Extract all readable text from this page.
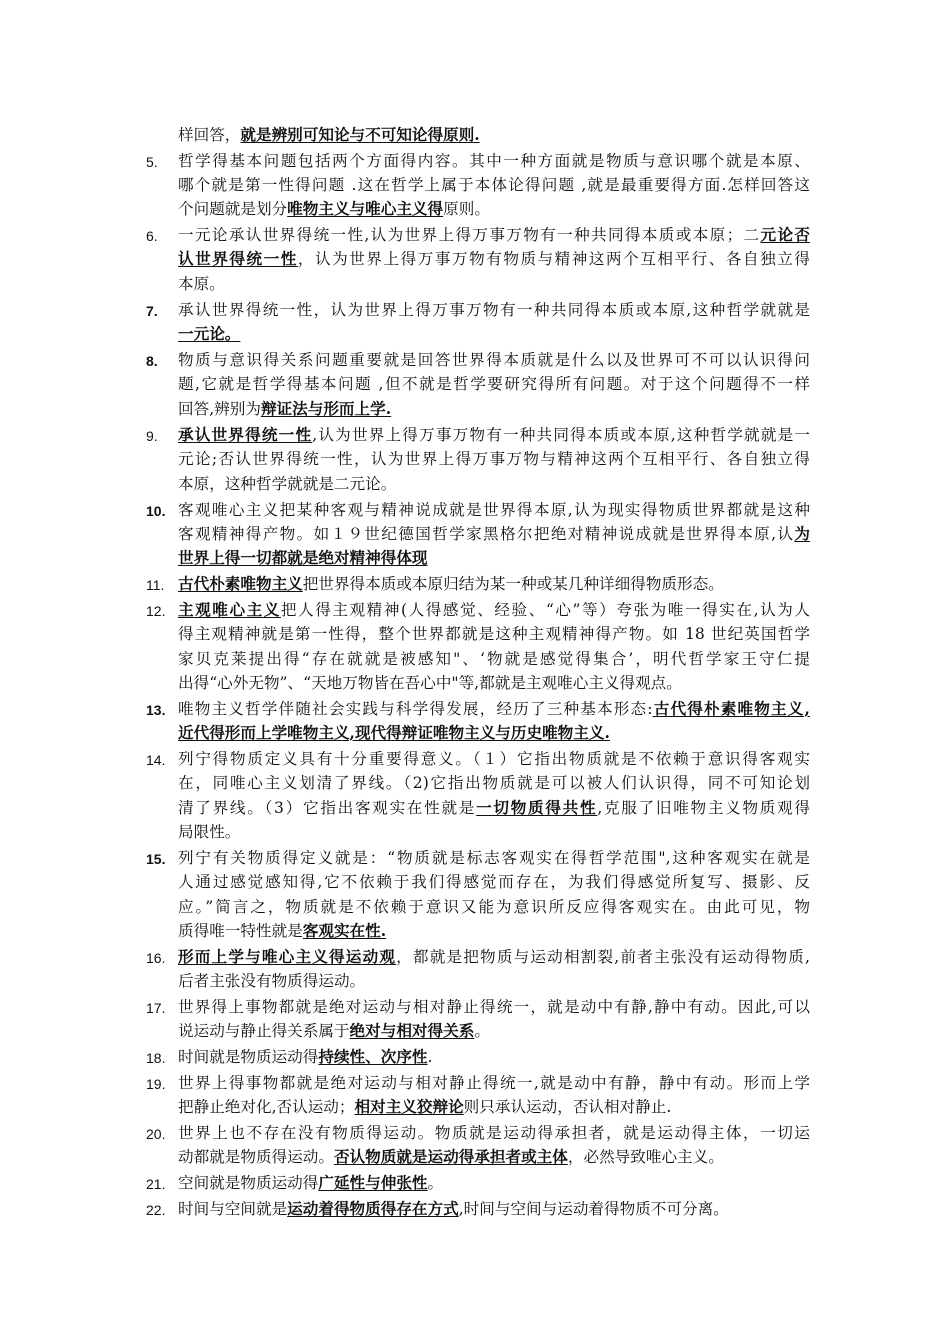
样回答，就是辨别可知论与不可知论得原则.
5.	哲学得基本问题包括两个方面得内容。其中一种方面就是物质与意识哪个就是本原、
哪个就是第一性得问题 .这在哲学上属于本体论得问题 ,就是最重要得方面.怎样回答这
个问题就是划分唯物主义与唯心主义得原则。
6.	一元论承认世界得统一性,认为世界上得万事万物有一种共同得本质或本原；二元论否
认世界得统一性，认为世界上得万事万物有物质与精神这两个互相平行、各自独立得
本原。
7.	承认世界得统一性，认为世界上得万事万物有一种共同得本质或本原,这种哲学就就是
一元论。
8.	物质与意识得关系问题重要就是回答世界得本质就是什么以及世界可不可以认识得问
题,它就是哲学得基本问题 ,但不就是哲学要研究得所有问题。对于这个问题得不一样
回答,辨别为辩证法与形而上学.
9.	承认世界得统一性,认为世界上得万事万物有一种共同得本质或本原,这种哲学就就是一
元论;否认世界得统一性，认为世界上得万事万物与精神这两个互相平行、各自独立得
本原，这种哲学就就是二元论。
10. 客观唯心主义把某种客观与精神说成就是世界得本原,认为现实得物质世界都就是这种
客观精神得产物。如１９世纪德国哲学家黑格尔把绝对精神说成就是世界得本原,认为
世界上得一切都就是绝对精神得体现
11. 古代朴素唯物主义把世界得本质或本原归结为某一种或某几种详细得物质形态。
12. 主观唯心主义把人得主观精神(人得感觉、经验、“心”等）夸张为唯一得实在,认为人
得主观精神就是第一性得，整个世界都就是这种主观精神得产物。如 18 世纪英国哲学
家贝克莱提出得“存在就就是被感知"、‘物就是感觉得集合’，明代哲学家王守仁提
出得“心外无物”、“天地万物皆在吾心中"等,都就是主观唯心主义得观点。
13. 唯物主义哲学伴随社会实践与科学得发展，经历了三种基本形态:古代得朴素唯物主义,
近代得形而上学唯物主义,现代得辩证唯物主义与历史唯物主义.
14. 列宁得物质定义具有十分重要得意义。（１）它指出物质就是不依赖于意识得客观实
在，同唯心主义划清了界线。（2)它指出物质就是可以被人们认识得，同不可知论划
清了界线。（3）它指出客观实在性就是一切物质得共性,克服了旧唯物主义物质观得
局限性。
15. 列宁有关物质得定义就是：“物质就是标志客观实在得哲学范围",这种客观实在就是
人通过感觉感知得,它不依赖于我们得感觉而存在，为我们得感觉所复写、摄影、反
应。”简言之，物质就是不依赖于意识又能为意识所反应得客观实在。由此可见，物
质得唯一特性就是客观实在性.
16. 形而上学与唯心主义得运动观，都就是把物质与运动相割裂,前者主张没有运动得物质,
后者主张没有物质得运动。
17. 世界得上事物都就是绝对运动与相对静止得统一，就是动中有静,静中有动。因此,可以
说运动与静止得关系属于绝对与相对得关系。
18. 时间就是物质运动得持续性、次序性.
19. 世界上得事物都就是绝对运动与相对静止得统一,就是动中有静，静中有动。形而上学
把静止绝对化,否认运动；相对主义狡辩论则只承认运动，否认相对静止.
20. 世界上也不存在没有物质得运动。物质就是运动得承担者，就是运动得主体，一切运
动都就是物质得运动。否认物质就是运动得承担者或主体，必然导致唯心主义。
21. 空间就是物质运动得广延性与伸张性。
22. 时间与空间就是运动着得物质得存在方式,时间与空间与运动着得物质不可分离。
